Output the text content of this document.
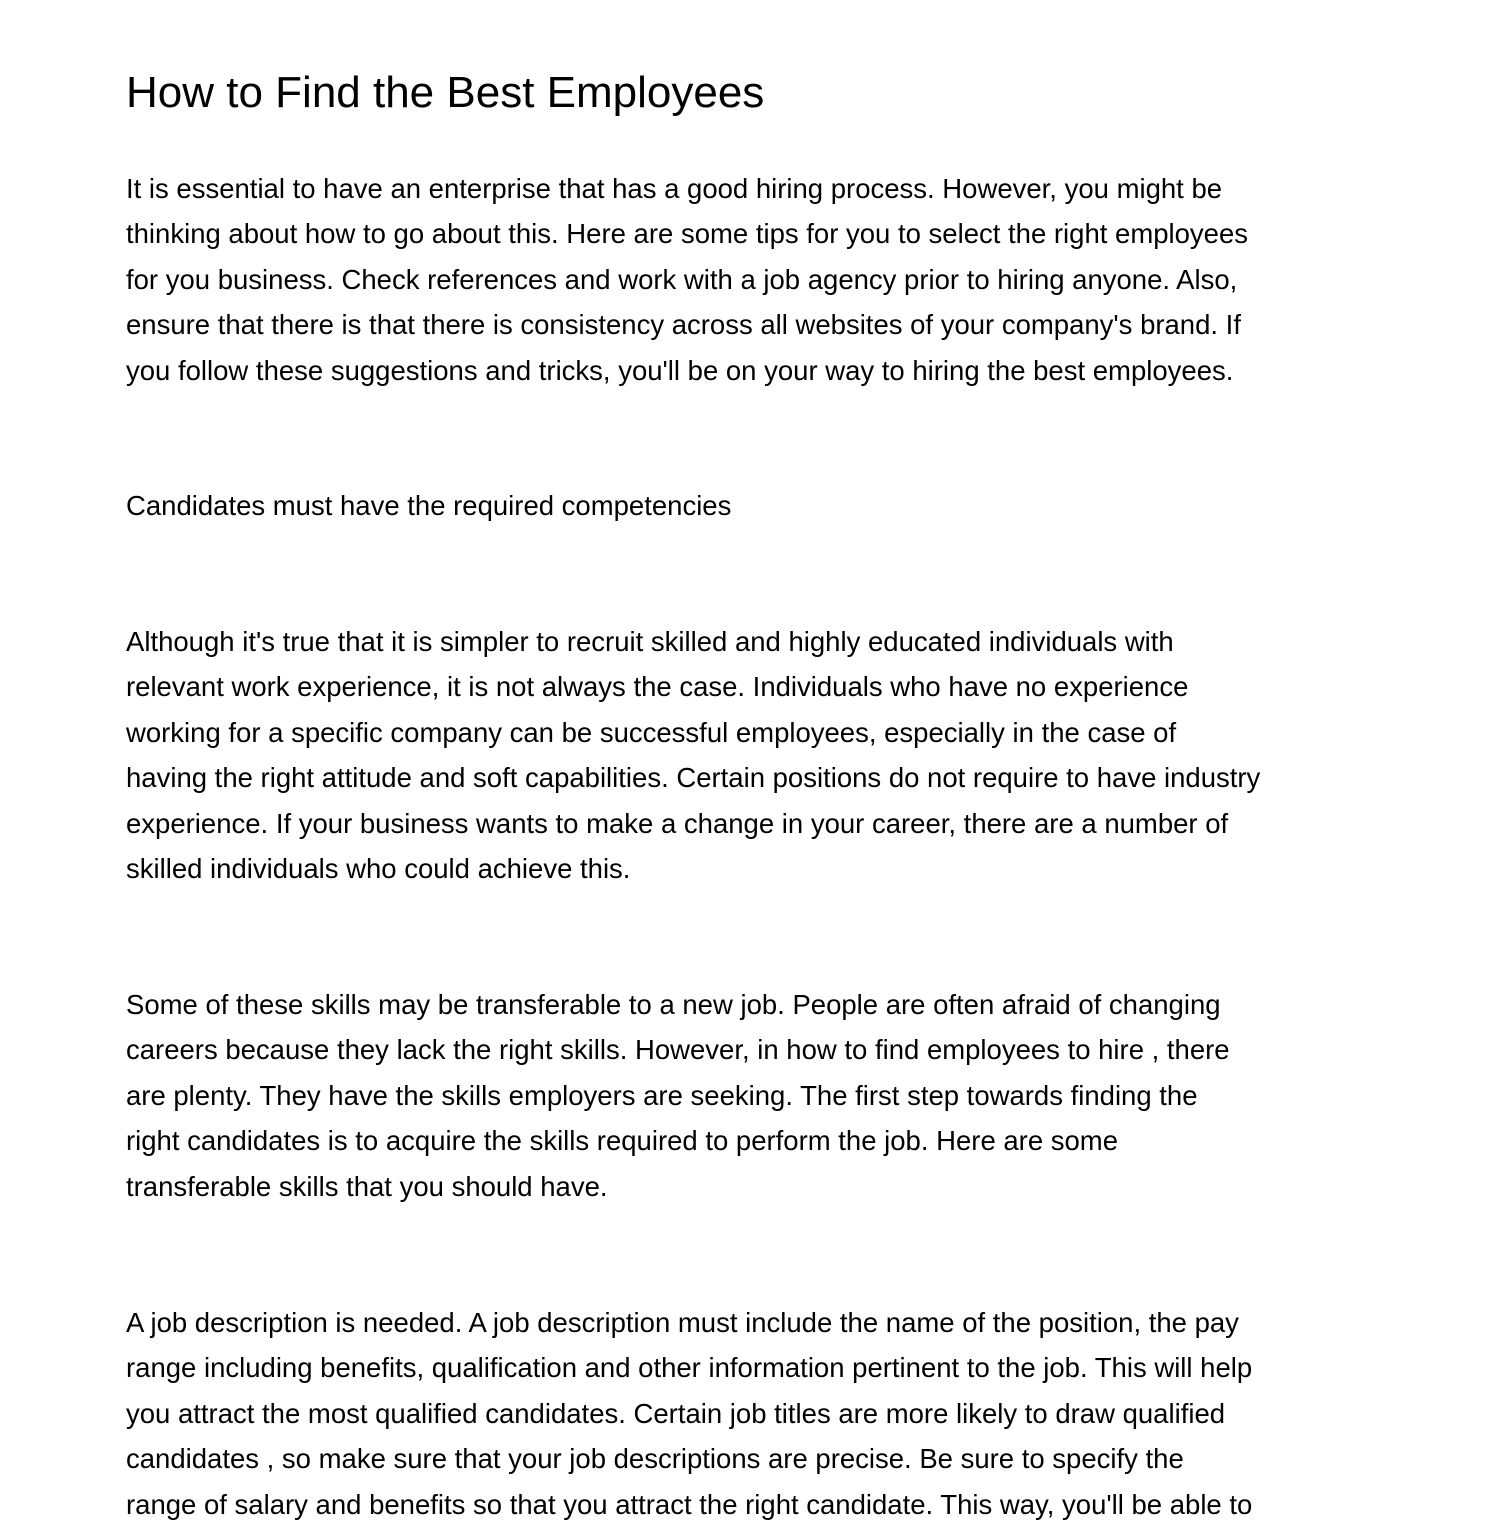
How to Find the Best Employees

It is essential to have an enterprise that has a good hiring process. However, you might be
thinking about how to go about this. Here are some tips for you to select the right employees
for you business. Check references and work with a job agency prior to hiring anyone. Also,
ensure that there is that there is consistency across all websites of your company's brand. If
you follow these suggestions and tricks, you'll be on your way to hiring the best employees.

Candidates must have the required competencies

Although it's true that it is simpler to recruit skilled and highly educated individuals with
relevant work experience, it is not always the case. Individuals who have no experience
working for a specific company can be successful employees, especially in the case of
having the right attitude and soft capabilities. Certain positions do not require to have industry
experience. If your business wants to make a change in your career, there are a number of
skilled individuals who could achieve this.

Some of these skills may be transferable to a new job. People are often afraid of changing
careers because they lack the right skills. However, in how to find employees to hire , there
are plenty. They have the skills employers are seeking. The first step towards finding the
right candidates is to acquire the skills required to perform the job. Here are some
transferable skills that you should have.

A job description is needed. A job description must include the name of the position, the pay
range including benefits, qualification and other information pertinent to the job. This will help
you attract the most qualified candidates. Certain job titles are more likely to draw qualified
candidates , so make sure that your job descriptions are precise. Be sure to specify the
range of salary and benefits so that you attract the right candidate. This way, you'll be able to
